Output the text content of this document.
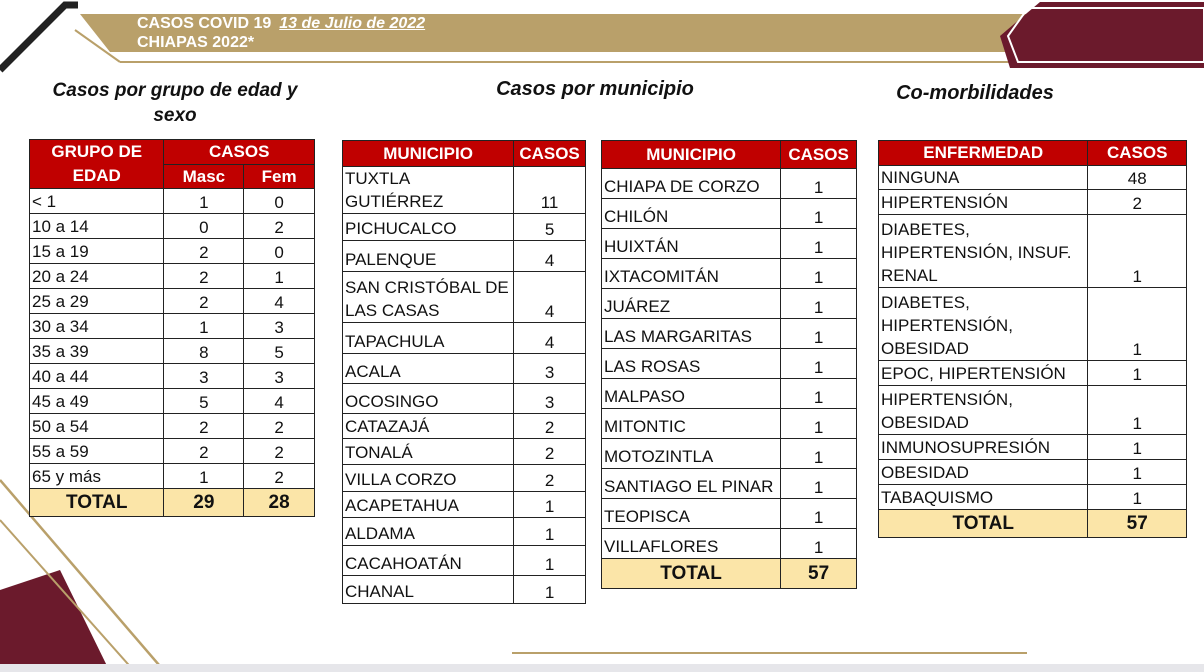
CASOS COVID 19 13 de Julio de 2022
CHIAPAS 2022*
Casos por grupo de edad y sexo
Casos por municipio	Co-morbilidades
GRUPO DE EDAD	CASOS	
	Masc	Fem
< 1	1	0
10 a 14	0	2
15 a 19	2	0
20 a 24	2	1
25 a 29	2	4
30 a 34	1	3
35 a 39	8	5
40 a 44	3	3
45 a 49	5	4
50 a 54	2	2
55 a 59	2	2
65 y más	1	2
TOTAL	29	28
MUNICIPIO	CASOS
TUXTLA GUTIÉRREZ	11
PICHUCALCO	5
PALENQUE	4
SAN CRISTÓBAL DE LAS CASAS	4
TAPACHULA	4
ACALA	3
OCOSINGO	3
CATAZAJÁ	2
TONALÁ	2
VILLA CORZO	2
ACAPETAHUA	1
ALDAMA	1
CACAHOATÁN	1
CHANAL	1
MUNICIPIO	CASOS
CHIAPA DE CORZO	1
CHILÓN	1
HUIXTÁN	1
IXTACOMITÁN	1
JUÁREZ	1
LAS MARGARITAS	1
LAS ROSAS	1
MALPASO	1
MITONTIC	1
MOTOZINTLA	1
SANTIAGO EL PINAR	1
TEOPISCA	1
VILLAFLORES	1
TOTAL	57
ENFERMEDAD	CASOS
NINGUNA	48
HIPERTENSIÓN	2
DIABETES, HIPERTENSIÓN, INSUF. RENAL	1
DIABETES, HIPERTENSIÓN, OBESIDAD	1
EPOC, HIPERTENSIÓN	1
HIPERTENSIÓN, OBESIDAD	1
INMUNOSUPRESIÓN	1
OBESIDAD	1
TABAQUISMO	1
TOTAL	57
